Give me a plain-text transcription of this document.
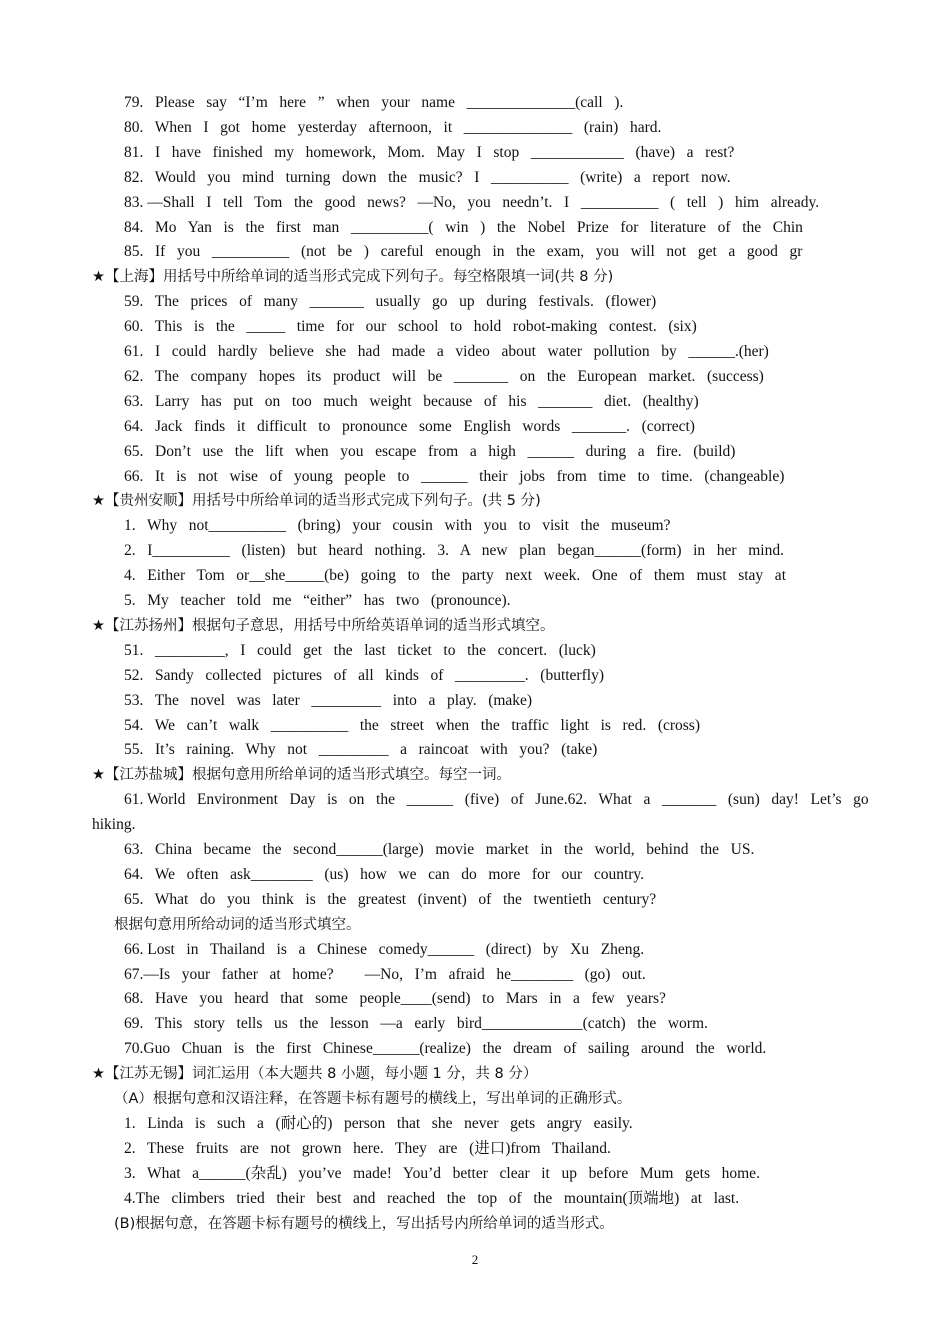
79.   Please   say   “I’m   here   ”   when   your   name   ______________(call   ).
80.   When   I   got   home   yesterday   afternoon,   it   ______________   (rain)   hard.
81.   I   have   finished   my   homework,   Mom.   May   I   stop   ____________   (have)   a   rest?
82.   Would   you   mind   turning   down   the   music?   I   __________   (write)   a   report   now.
83. —Shall   I   tell   Tom   the   good   news?   —No,   you   needn’t.   I   __________   (   tell   )   him   already.
84.   Mo   Yan   is   the   first   man   __________(   win   )   the   Nobel   Prize   for   literature   of   the   Chin
85.   If   you   __________   (not   be   )   careful   enough   in   the   exam,   you   will   not   get   a   good   gr
★【上海】用括号中所给单词的适当形式完成下列句子。每空格限填一词(共 8 分)
59.   The   prices   of   many   _______   usually   go   up   during   festivals.   (flower)
60.   This   is   the   _____   time   for   our   school   to   hold   robot-making   contest.   (six)
61.   I   could   hardly   believe   she   had   made   a   video   about   water   pollution   by   ______.(her)
62.   The   company   hopes   its   product   will   be   _______   on   the   European   market.   (success)
63.   Larry   has   put   on   too   much   weight   because   of   his   _______   diet.   (healthy)
64.   Jack   finds   it   difficult   to   pronounce   some   English   words   _______.   (correct)
65.   Don’t   use   the   lift   when   you   escape   from   a   high   ______   during   a   fire.   (build)
66.   It   is   not   wise   of   young   people   to   ______   their   jobs   from   time   to   time.   (changeable)
★【贵州安顺】用括号中所给单词的适当形式完成下列句子。(共 5 分)
1.   Why   not__________   (bring)   your   cousin   with   you   to   visit   the   museum?
2.   I__________   (listen)   but   heard   nothing.   3.   A   new   plan   began______(form)   in   her   mind.
4.   Either   Tom   or__she_____(be)   going   to   the   party   next   week.   One   of   them   must   stay   at
5.   My   teacher   told   me   “either”   has   two   (pronounce).
★【江苏扬州】根据句子意思，用括号中所给英语单词的适当形式填空。
51.   _________,   I   could   get   the   last   ticket   to   the   concert.   (luck)
52.   Sandy   collected   pictures   of   all   kinds   of   _________.   (butterfly)
53.   The   novel   was   later   _________   into   a   play.   (make)
54.   We   can’t   walk   __________   the   street   when   the   traffic   light   is   red.   (cross)
55.   It’s   raining.   Why   not   _________   a   raincoat   with   you?   (take)
★【江苏盐城】根据句意用所给单词的适当形式填空。每空一词。
61. World   Environment   Day   is   on   the   ______   (five)   of   June.62.   What   a   _______   (sun)   day!   Let’s   go
hiking.
63.   China   became   the   second______(large)   movie   market   in   the   world,   behind   the   US.
64.   We   often   ask________   (us)   how   we   can   do   more   for   our   country.
65.   What   do   you   think   is   the   greatest   (invent)   of   the   twentieth   century?
根据句意用所给动词的适当形式填空。
66. Lost   in   Thailand   is   a   Chinese   comedy______   (direct)   by   Xu   Zheng.
67.—Is   your   father   at   home?        —No,   I’m   afraid   he________   (go)   out.
68.   Have   you   heard   that   some   people____(send)   to   Mars   in   a   few   years?
69.   This   story   tells   us   the   lesson   —a   early   bird_____________(catch)   the   worm.
70.Guo   Chuan   is   the   first   Chinese______(realize)   the   dream   of   sailing   around   the   world.
★【江苏无锡】词汇运用（本大题共 8 小题，每小题 1 分，共 8 分）
（A）根据句意和汉语注释，在答题卡标有题号的横线上，写出单词的正确形式。
1.   Linda   is   such   a   (耐心的)   person   that   she   never   gets   angry   easily.
2.   These   fruits   are   not   grown   here.   They   are   (进口)from   Thailand.
3.   What   a______(杂乱)   you’ve   made!   You’d   better   clear   it   up   before   Mum   gets   home.
4.The   climbers   tried   their   best   and   reached   the   top   of   the   mountain(顶端地)   at   last.
(B)根据句意，在答题卡标有题号的横线上，写出括号内所给单词的适当形式。
2
